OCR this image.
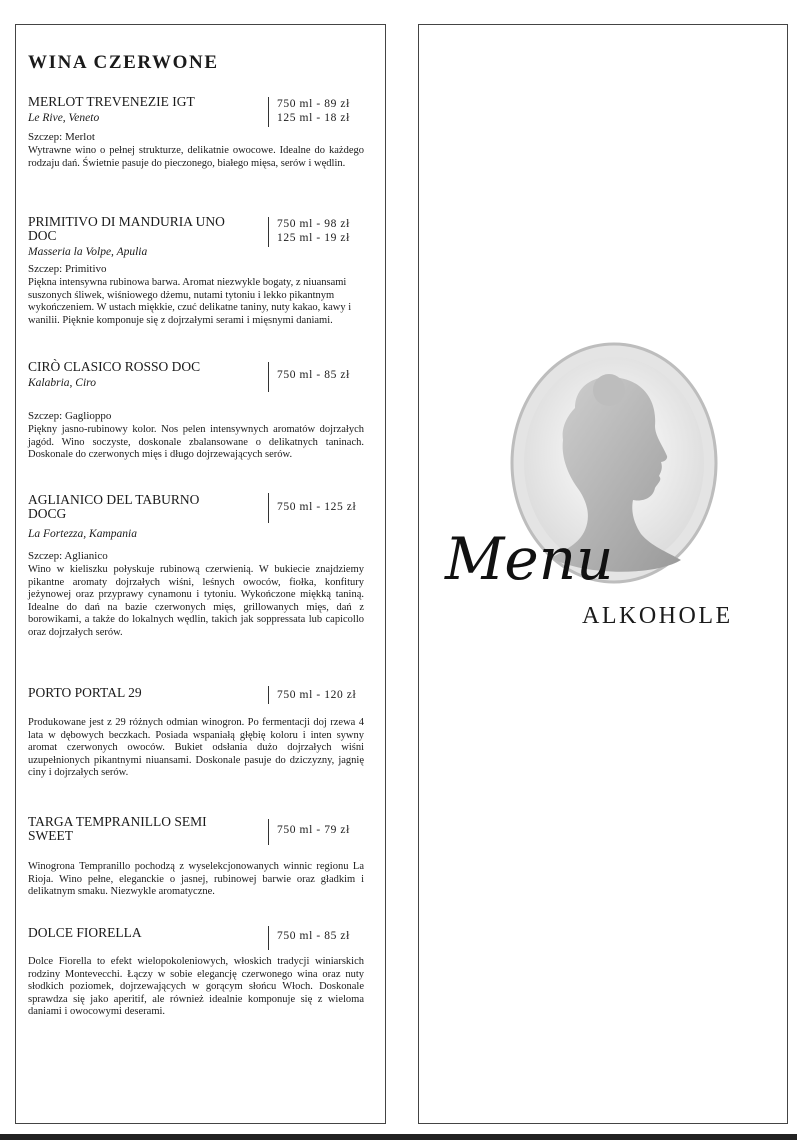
WINA CZERWONE
750 ml - 89 zł
125 ml - 18 zł
MERLOT TREVENEZIE IGT
Le Rive, Veneto
Szczep: Merlot
Wytrawne wino o pełnej strukturze, delikatnie owocowe. Idealne do każdego rodzaju dań. Świetnie pasuje do pieczonego, białego mięsa, serów i wędlin.
750 ml - 98 zł
125 ml - 19 zł
PRIMITIVO DI MANDURIA UNO DOC
Masseria la Volpe, Apulia
Szczep: Primitivo
Piękna intensywna rubinowa barwa. Aromat niezwykle bogaty, z niuansami suszonych śliwek, wiśniowego dżemu, nutami tytoniu i lekko pikantnym wykończeniem. W ustach miękkie, czuć delikatne taniny, nuty kakao, kawy i wanilii. Pięknie komponuje się z dojrzałymi serami i mięsnymi daniami.
750 ml - 85 zł
CIRÒ CLASICO ROSSO DOC
Kalabria, Ciro
Szczep: Gaglioppo
Piękny jasno-rubinowy kolor. Nos pelen intensywnych aromatów dojrzałych jagód. Wino soczyste, doskonale zbalansowane o delikatnych taninach. Doskonale do czerwonych mięs i długo dojrzewających serów.
750 ml - 125 zł
AGLIANICO DEL TABURNO DOCG
La Fortezza, Kampania
Szczep: Aglianico
Wino w kieliszku połyskuje rubinową czerwienią. W bukiecie znajdziemy pikantne aromaty dojrzałych wiśni, leśnych owoców, fiołka, konfitury jeżynowej oraz przyprawy cynamonu i tytoniu. Wykończone miękką taniną. Idealne do dań na bazie czerwonych mięs, grillowanych mięs, dań z borowikami, a także do lokalnych wędlin, takich jak soppressata lub capicollo oraz dojrzałych serów.
750 ml - 120 zł
PORTO PORTAL 29
Produkowane jest z 29 różnych odmian winogron. Po fermentacji doj rzewa 4 lata w dębowych beczkach. Posiada wspaniałą głębię koloru i inten sywny aromat czerwonych owoców. Bukiet odsłania dużo dojrzałych wiśni uzupełnionych pikantnymi niuansami. Doskonale pasuje do dziczyzny, jagnię ciny i dojrzałych serów.
750 ml - 79 zł
TARGA TEMPRANILLO SEMI SWEET
Winogrona Tempranillo pochodzą z wyselekcjonowanych winnic regionu La Rioja. Wino pełne, eleganckie o jasnej, rubinowej barwie oraz gładkim i delikatnym smaku. Niezwykle aromatyczne.
750 ml - 85 zł
DOLCE FIORELLA
Dolce Fiorella to efekt wielopokoleniowych, włoskich tradycji winiarskich rodziny Montevecchi. Łączy w sobie elegancję czerwonego wina oraz nuty słodkich poziomek, dojrzewających w gorącym słońcu Włoch. Doskonale sprawdza się jako aperitif, ale również idealnie komponuje się z wieloma daniami i owocowymi deserami.
Menu
ALKOHOLE
